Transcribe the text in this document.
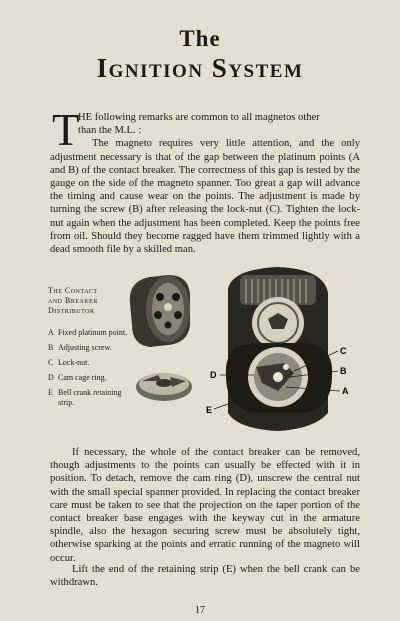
The
Ignition System
T

HE following remarks are common to all magnetos other
than the M.L. :
The magneto requires very little attention, and the only adjustment necessary is that of the gap between the platinum points (A and B) of the contact breaker. The correctness of this gap is tested by the gauge on the side of the magneto spanner. Too great a gap will advance the timing and cause wear on the points. The adjustment is made by turning the screw (B) after releasing the lock-nut (C). Tighten the lock-nut again when the adjustment has been completed. Keep the points free from oil. Should they become ragged have them trimmed lightly with a dead smooth file by a skilled man.

The Contact
and Breaker
Distributor
A Fixed platinum point.
B Adjusting screw.
C Lock-nut.
D Cam cage ring.
E Bell crank retaining strip.
C
B
A
D
E

If necessary, the whole of the contact breaker can be removed, though adjustments to the points can usually be effected with it in position. To detach, remove the cam ring (D), unscrew the central nut with the small special spanner provided. In replacing the contact breaker care must be taken to see that the projection on the taper portion of the contact breaker base engages with the keyway cut in the armature spindle, also the hexagon securing screw must be absolutely tight, otherwise sparking at the points and erratic running of the magneto will occur.

Lift the end of the retaining strip (E) when the bell crank can be withdrawn.

17
